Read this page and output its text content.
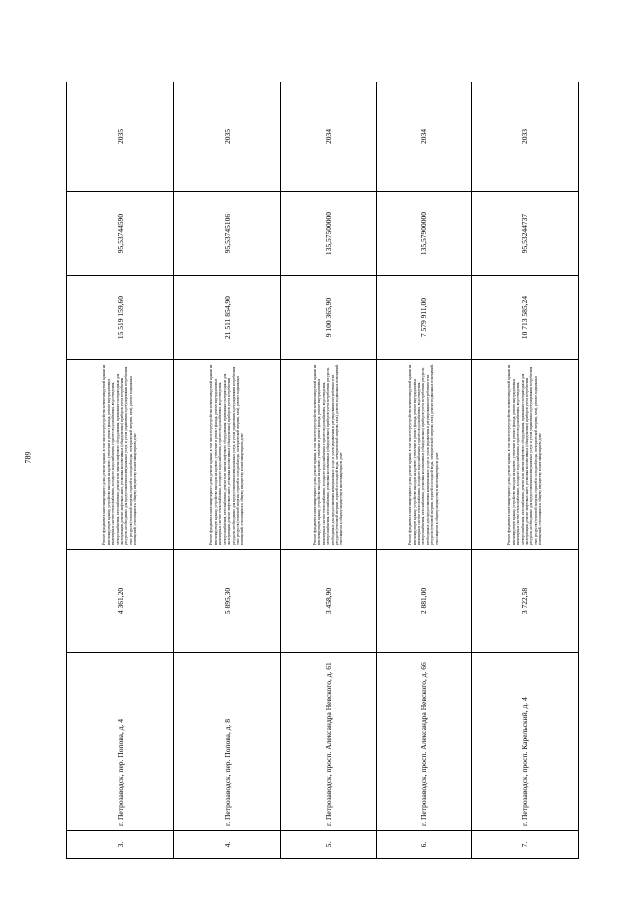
789
3.	г. Петрозаводск, пер. Попова, д. 4	4 361,20	Ремонт фундамента многоквартирного дома, ремонт крыши, в том числе переустройство невентилируемой крыши на вентилируемую крышу, устройство выходов на кровлю, утепление и ремонт фасада, ремонт внутридомовых инженерных систем теплоснабжения, холодного водоснабжения, горячего водоснабжения, водоотведения, электроснабжения, газоснабжения, ремонт или замена лифтового оборудования, признанного непригодным для эксплуатации, ремонт лифтовых шахт, установка коллективных (общедомовых) приборов учета потребления ресурсов, необходимых для предоставления коммунальных услуг, и узлов управления и регулирования потребления этих ресурсов (тепловой энергии, горячей и холодной воды, электрической энергии, газа), ремонт подвальных помещений, относящихся к общему имуществу в многоквартирном доме	15 519 159,60	95,53744590	2035
4.	г. Петрозаводск, пер. Попова, д. 8	5 895,30	Ремонт фундамента многоквартирного дома, ремонт крыши, в том числе переустройство невентилируемой крыши на вентилируемую крышу, устройство выходов на кровлю, утепление и ремонт фасада, ремонт внутридомовых инженерных систем теплоснабжения, холодного водоснабжения, горячего водоснабжения, водоотведения, электроснабжения, газоснабжения, ремонт или замена лифтового оборудования, признанного непригодным для эксплуатации, ремонт лифтовых шахт, установка коллективных (общедомовых) приборов учета потребления ресурсов, необходимых для предоставления коммунальных услуг, и узлов управления и регулирования потребления этих ресурсов (тепловой энергии, горячей и холодной воды, электрической энергии, газа), ремонт подвальных помещений, относящихся к общему имуществу в многоквартирном доме	21 511 854,90	95,53745106	2035
5.	г. Петрозаводск, просп. Александра Невского, д. 61	3 458,90	Ремонт фундамента многоквартирного дома, ремонт крыши, в том числе переустройство невентилируемой крыши на вентилируемую крышу, устройство выходов на кровлю, утепление и ремонт фасада, ремонт внутридомовых инженерных систем теплоснабжения, холодного водоснабжения, горячего водоснабжения, водоотведения, электроснабжения, газоснабжения, установка коллективных (общедомовых) приборов учета потребления ресурсов, необходимых для предоставления коммунальных услуг, и узлов управления и регулирования потребления этих ресурсов (тепловой энергии, горячей и холодной воды, электрической энергии, газа), ремонт подвальных помещений, относящихся к общему имуществу в многоквартирном доме	9 100 365,90	135,57500000	2034
6.	г. Петрозаводск, просп. Александра Невского, д. 66	2 881,00	Ремонт фундамента многоквартирного дома, ремонт крыши, в том числе переустройство невентилируемой крыши на вентилируемую крышу, устройство выходов на кровлю, утепление и ремонт фасада, ремонт внутридомовых инженерных систем теплоснабжения, холодного водоснабжения, горячего водоснабжения, водоотведения, электроснабжения, газоснабжения, установка коллективных (общедомовых) приборов учета потребления ресурсов, необходимых для предоставления коммунальных услуг, и узлов управления и регулирования потребления этих ресурсов (тепловой энергии, горячей и холодной воды, электрической энергии, газа), ремонт подвальных помещений, относящихся к общему имуществу в многоквартирном доме	7 579 911,00	135,57900000	2034
7.	г. Петрозаводск, просп. Карельский, д. 4	3 722,58	Ремонт фундамента многоквартирного дома, ремонт крыши, в том числе переустройство невентилируемой крыши на вентилируемую крышу, устройство выходов на кровлю, утепление и ремонт фасада, ремонт внутридомовых инженерных систем теплоснабжения, холодного водоснабжения, горячего водоснабжения, водоотведения, электроснабжения, газоснабжения, ремонт или замена лифтового оборудования, признанного непригодным для эксплуатации, ремонт лифтовых шахт, установка коллективных (общедомовых) приборов учета потребления ресурсов, необходимых для предоставления коммунальных услуг, и узлов управления и регулирования потребления этих ресурсов (тепловой энергии, горячей и холодной воды, электрической энергии, газа), ремонт подвальных помещений, относящихся к общему имуществу в многоквартирном доме	10 713 585,24	95,53244737	2033
